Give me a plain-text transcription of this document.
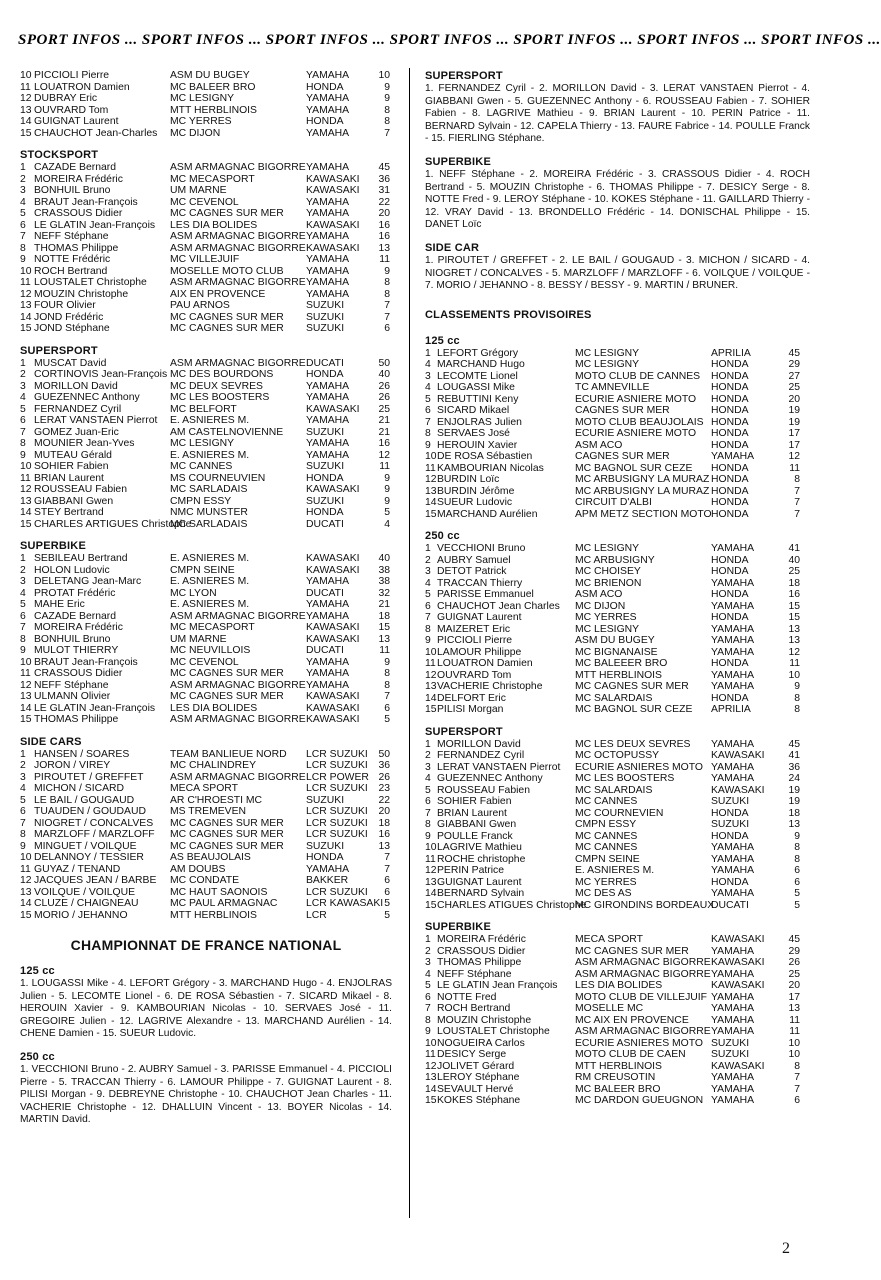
SPORT INFOS ... SPORT INFOS ... SPORT INFOS ... SPORT INFOS ... SPORT INFOS ... SPORT INFOS ... SPORT INFOS ...
10	PICCIOLI Pierre	ASM DU BUGEY	YAMAHA	10
11	LOUATRON Damien	MC BALEER BRO	HONDA	9
12	DUBRAY Eric	MC LESIGNY	YAMAHA	9
13	OUVRARD Tom	MTT HERBLINOIS	YAMAHA	8
14	GUIGNAT Laurent	MC YERRES	HONDA	8
15	CHAUCHOT Jean-Charles	MC DIJON	YAMAHA	7
STOCKSPORT
1	CAZADE Bernard	ASM ARMAGNAC BIGORRE	YAMAHA	45
2	MOREIRA Frédéric	MC MECASPORT	KAWASAKI	36
3	BONHUIL Bruno	UM MARNE	KAWASAKI	31
4	BRAUT Jean-François	MC CEVENOL	YAMAHA	22
5	CRASSOUS Didier	MC CAGNES SUR MER	YAMAHA	20
6	LE GLATIN Jean-François	LES DIA BOLIDES	KAWASAKI	16
7	NEFF Stéphane	ASM ARMAGNAC BIGORRE	YAMAHA	16
8	THOMAS Philippe	ASM ARMAGNAC BIGORRE	KAWASAKI	13
9	NOTTE Frédéric	MC VILLEJUIF	YAMAHA	11
10	ROCH Bertrand	MOSELLE MOTO CLUB	YAMAHA	9
11	LOUSTALET Christophe	ASM ARMAGNAC BIGORRE	YAMAHA	8
12	MOUZIN Christophe	AIX EN PROVENCE	YAMAHA	8
13	FOUR Olivier	PAU ARNOS	SUZUKI	7
14	JOND Frédéric	MC CAGNES SUR MER	SUZUKI	7
15	JOND Stéphane	MC CAGNES SUR MER	SUZUKI	6
SUPERSPORT
1	MUSCAT David	ASM ARMAGNAC BIGORRE	DUCATI	50
2	CORTINOVIS Jean-François	MC DES BOURDONS	HONDA	40
3	MORILLON David	MC DEUX SEVRES	YAMAHA	26
4	GUEZENNEC Anthony	MC LES BOOSTERS	YAMAHA	26
5	FERNANDEZ Cyril	MC BELFORT	KAWASAKI	25
6	LERAT VANSTAEN Pierrot	E. ASNIERES M.	YAMAHA	21
7	GOMEZ Juan-Eric	AM CASTELNOVIENNE	SUZUKI	21
8	MOUNIER Jean-Yves	MC LESIGNY	YAMAHA	16
9	MUTEAU Gérald	E. ASNIERES M.	YAMAHA	12
10	SOHIER Fabien	MC CANNES	SUZUKI	11
11	BRIAN Laurent	MS COURNEUVIEN	HONDA	9
12	ROUSSEAU Fabien	MC SARLADAIS	KAWASAKI	9
13	GIABBANI Gwen	CMPN ESSY	SUZUKI	9
14	STEY Bertrand	NMC MUNSTER	HONDA	5
15	CHARLES ARTIGUES Christophe	MC SARLADAIS	DUCATI	4
SUPERBIKE
1	SEBILEAU Bertrand	E. ASNIERES M.	KAWASAKI	40
2	HOLON Ludovic	CMPN SEINE	KAWASAKI	38
3	DELETANG Jean-Marc	E. ASNIERES M.	YAMAHA	38
4	PROTAT Frédéric	MC LYON	DUCATI	32
5	MAHE Eric	E. ASNIERES M.	YAMAHA	21
6	CAZADE Bernard	ASM ARMAGNAC BIGORRE	YAMAHA	18
7	MOREIRA Frédéric	MC MECASPORT	KAWASAKI	15
8	BONHUIL Bruno	UM MARNE	KAWASAKI	13
9	MULOT THIERRY	MC NEUVILLOIS	DUCATI	11
10	BRAUT Jean-François	MC CEVENOL	YAMAHA	9
11	CRASSOUS Didier	MC CAGNES SUR MER	YAMAHA	8
12	NEFF Stéphane	ASM ARMAGNAC BIGORRE	YAMAHA	8
13	ULMANN Olivier	MC CAGNES SUR MER	KAWASAKI	7
14	LE GLATIN Jean-François	LES DIA BOLIDES	KAWASAKI	6
15	THOMAS Philippe	ASM ARMAGNAC BIGORRE	KAWASAKI	5
SIDE CARS
1	HANSEN / SOARES	TEAM BANLIEUE NORD	LCR SUZUKI	50
2	JORON / VIREY	MC CHALINDREY	LCR SUZUKI	36
3	PIROUTET / GREFFET	ASM ARMAGNAC BIGORRE	LCR POWER	26
4	MICHON / SICARD	MECA SPORT	LCR SUZUKI	23
5	LE BAIL / GOUGAUD	AR C'HROESTI MC	SUZUKI	22
6	TUAUDEN / GOUDAUD	MS TREMEVEN	LCR SUZUKI	20
7	NIOGRET / CONCALVES	MC CAGNES SUR MER	LCR SUZUKI	18
8	MARZLOFF / MARZLOFF	MC CAGNES SUR MER	LCR SUZUKI	16
9	MINGUET / VOILQUE	MC CAGNES SUR MER	SUZUKI	13
10	DELANNOY / TESSIER	AS BEAUJOLAIS	HONDA	7
11	GUYAZ / TENAND	AM DOUBS	YAMAHA	7
12	JACQUES JEAN / BARBE	MC CONDATE	BAKKER	6
13	VOILQUE / VOILQUE	MC HAUT SAONOIS	LCR SUZUKI	6
14	CLUZE / CHAIGNEAU	MC PAUL ARMAGNAC	LCR KAWASAKI	5
15	MORIO / JEHANNO	MTT HERBLINOIS	LCR	5
CHAMPIONNAT DE FRANCE NATIONAL
125 cc

1. LOUGASSI Mike - 4. LEFORT Grégory - 3. MARCHAND Hugo - 4. ENJOLRAS Julien - 5. LECOMTE Lionel - 6. DE ROSA Sébastien - 7. SICARD Mikael - 8. HEROUIN Xavier - 9. KAMBOURIAN Nicolas - 10. SERVAES José - 11. GREGOIRE Julien - 12. LAGRIVE Alexandre - 13. MARCHAND Aurélien - 14. CHENE Damien - 15. SUEUR Ludovic.

250 cc

1. VECCHIONI Bruno - 2. AUBRY Samuel - 3. PARISSE Emmanuel - 4. PICCIOLI Pierre - 5. TRACCAN Thierry - 6. LAMOUR Philippe - 7. GUIGNAT Laurent - 8. PILISI Morgan - 9. DEBREYNE Christophe - 10. CHAUCHOT Jean Charles - 11. VACHERIE Christophe - 12. DHALLUIN Vincent - 13. BOYER Nicolas - 14. MARTIN David.

SUPERSPORT

1. FERNANDEZ Cyril - 2. MORILLON David - 3. LERAT VANSTAEN Pierrot - 4. GIABBANI Gwen - 5. GUEZENNEC Anthony - 6. ROUSSEAU Fabien - 7. SOHIER Fabien - 8. LAGRIVE Mathieu - 9. BRIAN Laurent - 10. PERIN Patrice - 11. BERNARD Sylvain - 12. CAPELA Thierry - 13. FAURE Fabrice - 14. POULLE Franck - 15. FIERLING Stéphane.

SUPERBIKE

1. NEFF Stéphane - 2. MOREIRA Frédéric - 3. CRASSOUS Didier - 4. ROCH Bertrand - 5. MOUZIN Christophe - 6. THOMAS Philippe - 7. DESICY Serge - 8. NOTTE Fred - 9. LEROY Stéphane - 10. KOKES Stéphane - 11. GAILLARD Thierry - 12. VRAY David - 13. BRONDELLO Frédéric - 14. DONISCHAL Philippe - 15. DANET Loïc

SIDE CAR

1. PIROUTET / GREFFET - 2. LE BAIL / GOUGAUD - 3. MICHON / SICARD - 4. NIOGRET / CONCALVES - 5. MARZLOFF / MARZLOFF - 6. VOILQUE / VOILQUE - 7. MORIO / JEHANNO - 8. BESSY / BESSY - 9. MARTIN / BRUNER.

CLASSEMENTS PROVISOIRES
125 cc
1	LEFORT Grégory	MC LESIGNY	APRILIA	45
4	MARCHAND Hugo	MC LESIGNY	HONDA	29
3	LECOMTE Lionel	MOTO CLUB DE CANNES	HONDA	27
4	LOUGASSI Mike	TC AMNEVILLE	HONDA	25
5	REBUTTINI Keny	ECURIE ASNIERE MOTO	HONDA	20
6	SICARD Mikael	CAGNES SUR MER	HONDA	19
7	ENJOLRAS Julien	MOTO CLUB BEAUJOLAIS	HONDA	19
8	SERVAES José	ECURIE ASNIERE MOTO	HONDA	17
9	HEROUIN Xavier	ASM ACO	HONDA	17
10	DE ROSA Sébastien	CAGNES SUR MER	YAMAHA	12
11	KAMBOURIAN Nicolas	MC BAGNOL SUR CEZE	HONDA	11
12	BURDIN Loïc	MC ARBUSIGNY LA MURAZ	HONDA	8
13	BURDIN Jérôme	MC ARBUSIGNY LA MURAZ	HONDA	7
14	SUEUR Ludovic	CIRCUIT D'ALBI	HONDA	7
15	MARCHAND Aurélien	APM METZ SECTION MOTO	HONDA	7
250 cc
1	VECCHIONI Bruno	MC LESIGNY	YAMAHA	41
2	AUBRY Samuel	MC ARBUSIGNY	HONDA	40
3	DETOT Patrick	MC CHOISEY	HONDA	25
4	TRACCAN Thierry	MC BRIENON	YAMAHA	18
5	PARISSE Emmanuel	ASM ACO	HONDA	16
6	CHAUCHOT Jean Charles	MC DIJON	YAMAHA	15
7	GUIGNAT Laurent	MC YERRES	HONDA	15
8	MAIZERET Eric	MC LESIGNY	YAMAHA	13
9	PICCIOLI Pierre	ASM DU BUGEY	YAMAHA	13
10	LAMOUR Philippe	MC BIGNANAISE	YAMAHA	12
11	LOUATRON Damien	MC BALEEER BRO	HONDA	11
12	OUVRARD Tom	MTT HERBLINOIS	YAMAHA	10
13	VACHERIE Christophe	MC CAGNES SUR MER	YAMAHA	9
14	DELFORT Eric	MC SALARDAIS	HONDA	8
15	PILISI Morgan	MC BAGNOL SUR CEZE	APRILIA	8
SUPERSPORT
1	MORILLON David	MC LES DEUX SEVRES	YAMAHA	45
2	FERNANDEZ Cyril	MC OCTOPUSSY	KAWASAKI	41
3	LERAT VANSTAEN Pierrot	ECURIE ASNIERES MOTO	YAMAHA	36
4	GUEZENNEC Anthony	MC LES BOOSTERS	YAMAHA	24
5	ROUSSEAU Fabien	MC SALARDAIS	KAWASAKI	19
6	SOHIER Fabien	MC CANNES	SUZUKI	19
7	BRIAN Laurent	MC COURNEVIEN	HONDA	18
8	GIABBANI Gwen	CMPN ESSY	SUZUKI	13
9	POULLE Franck	MC CANNES	HONDA	9
10	LAGRIVE Mathieu	MC CANNES	YAMAHA	8
11	ROCHE christophe	CMPN SEINE	YAMAHA	8
12	PERIN Patrice	E. ASNIERES M.	YAMAHA	6
13	GUIGNAT Laurent	MC YERRES	HONDA	6
14	BERNARD Sylvain	MC DES AS	YAMAHA	5
15	CHARLES ATIGUES Christophe	MC GIRONDINS BORDEAUX	DUCATI	5
SUPERBIKE
1	MOREIRA Frédéric	MECA SPORT	KAWASAKI	45
2	CRASSOUS Didier	MC CAGNES SUR MER	YAMAHA	29
3	THOMAS Philippe	ASM ARMAGNAC BIGORRE	KAWASAKI	26
4	NEFF Stéphane	ASM ARMAGNAC BIGORRE	YAMAHA	25
5	LE GLATIN Jean François	LES DIA BOLIDES	KAWASAKI	20
6	NOTTE Fred	MOTO CLUB DE VILLEJUIF	YAMAHA	17
7	ROCH Bertrand	MOSELLE MC	YAMAHA	13
8	MOUZIN Christophe	MC AIX EN PROVENCE	YAMAHA	11
9	LOUSTALET Christophe	ASM ARMAGNAC BIGORRE	YAMAHA	11
10	NOGUEIRA Carlos	ECURIE ASNIERES MOTO	SUZUKI	10
11	DESICY Serge	MOTO CLUB DE CAEN	SUZUKI	10
12	JOLIVET Gérard	MTT HERBLINOIS	KAWASAKI	8
13	LEROY Stéphane	RM CREUSOTIN	YAMAHA	7
14	SEVAULT Hervé	MC BALEER BRO	YAMAHA	7
15	KOKES Stéphane	MC DARDON GUEUGNON	YAMAHA	6
2
